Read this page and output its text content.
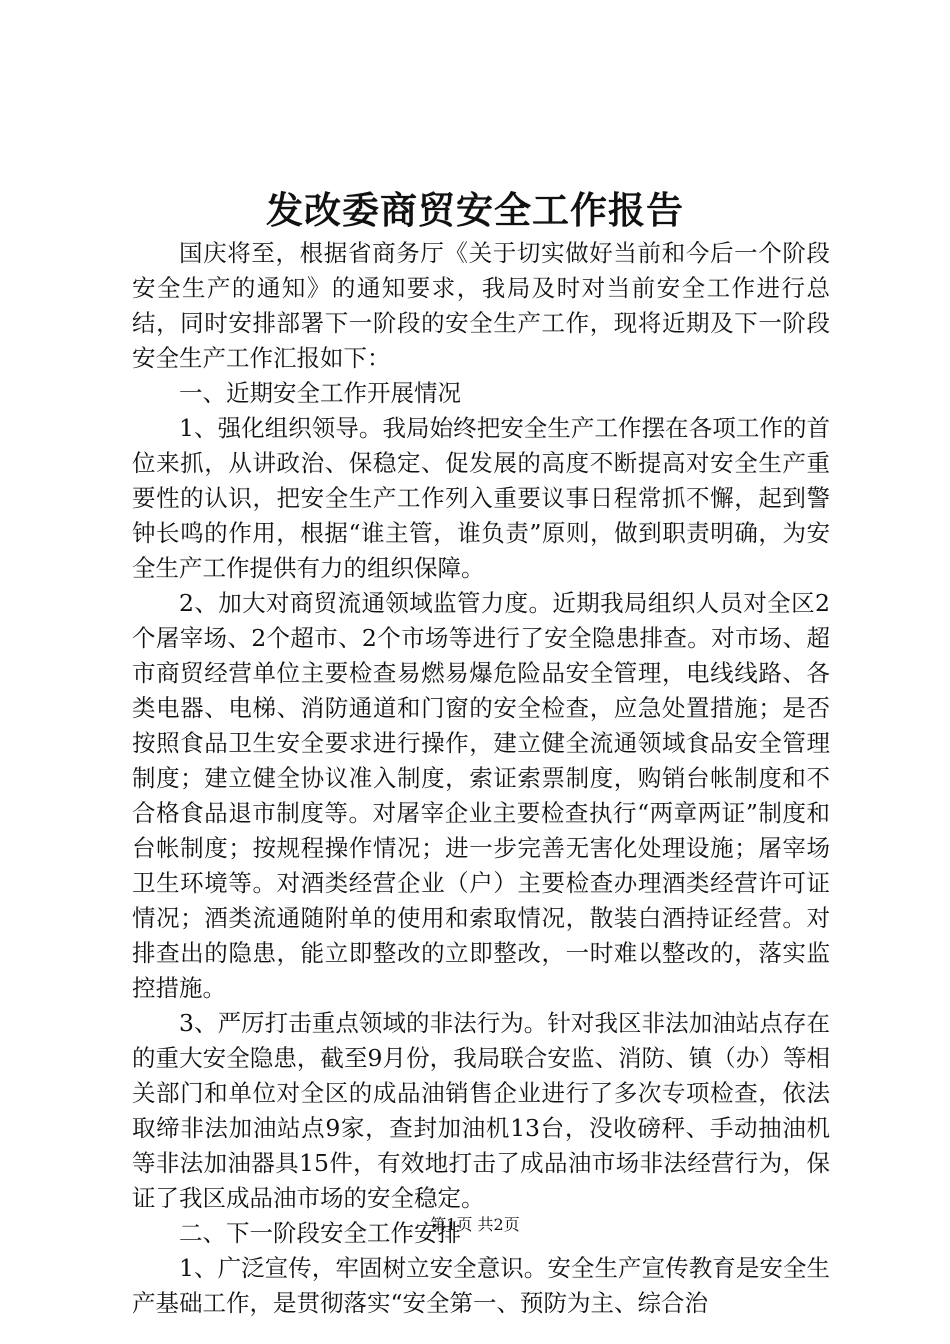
发改委商贸安全工作报告

国庆将至，根据省商务厅《关于切实做好当前和今后一个阶段安全生产的通知》的通知要求，我局及时对当前安全工作进行总结，同时安排部署下一阶段的安全生产工作，现将近期及下一阶段安全生产工作汇报如下：

一、近期安全工作开展情况

1、强化组织领导。我局始终把安全生产工作摆在各项工作的首位来抓，从讲政治、保稳定、促发展的高度不断提高对安全生产重要性的认识，把安全生产工作列入重要议事日程常抓不懈，起到警钟长鸣的作用，根据“谁主管，谁负责”原则，做到职责明确，为安全生产工作提供有力的组织保障。

2、加大对商贸流通领域监管力度。近期我局组织人员对全区2个屠宰场、2个超市、2个市场等进行了安全隐患排查。对市场、超市商贸经营单位主要检查易燃易爆危险品安全管理，电线线路、各类电器、电梯、消防通道和门窗的安全检查，应急处置措施；是否按照食品卫生安全要求进行操作，建立健全流通领域食品安全管理制度；建立健全协议准入制度，索证索票制度，购销台帐制度和不合格食品退市制度等。对屠宰企业主要检查执行“两章两证”制度和台帐制度；按规程操作情况；进一步完善无害化处理设施；屠宰场卫生环境等。对酒类经营企业（户）主要检查办理酒类经营许可证情况；酒类流通随附单的使用和索取情况，散装白酒持证经营。对排查出的隐患，能立即整改的立即整改，一时难以整改的，落实监控措施。

3、严厉打击重点领域的非法行为。针对我区非法加油站点存在的重大安全隐患，截至9月份，我局联合安监、消防、镇（办）等相关部门和单位对全区的成品油销售企业进行了多次专项检查，依法取缔非法加油站点9家，查封加油机13台，没收磅秤、手动抽油机等非法加油器具15件，有效地打击了成品油市场非法经营行为，保证了我区成品油市场的安全稳定。

二、下一阶段安全工作安排

1、广泛宣传，牢固树立安全意识。安全生产宣传教育是安全生产基础工作，是贯彻落实“安全第一、预防为主、综合治

第1页 共2页
